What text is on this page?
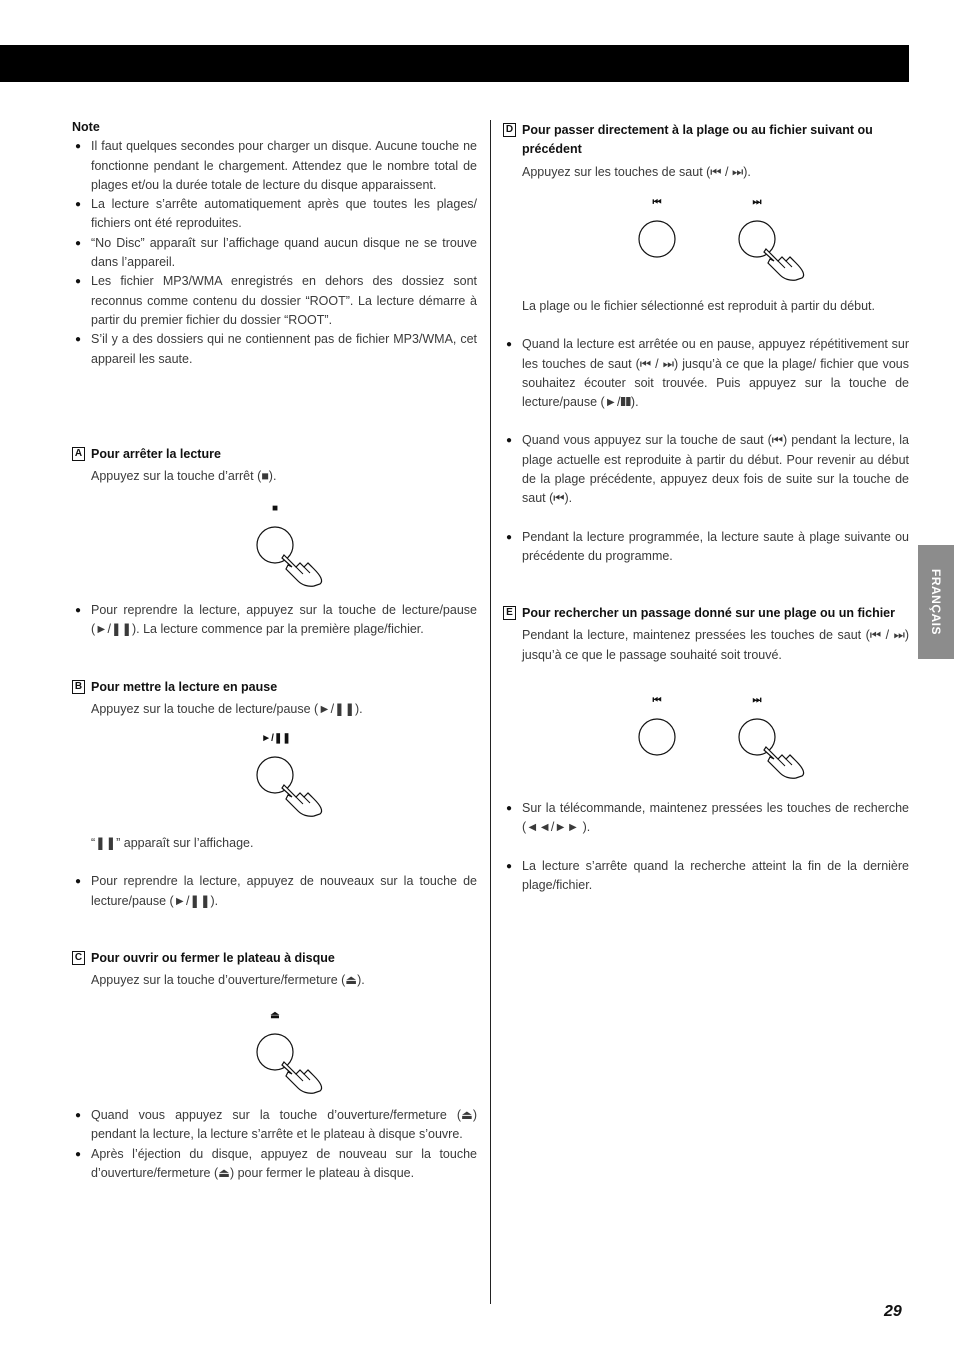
FRANÇAIS
29
Note
● Il faut quelques secondes pour charger un disque. Aucune touche ne fonctionne pendant le chargement. Attendez que le nombre total de plages et/ou la durée totale de lecture du disque apparaissent.
● La lecture s’arrête automatiquement après que toutes les plages/ fichiers ont été reproduites.
● “No Disc” apparaît sur l’affichage quand aucun disque ne se trouve dans l’appareil.
● Les fichier MP3/WMA enregistrés en dehors des dossiez sont reconnus comme contenu du dossier “ROOT”. La lecture démarre à partir du premier fichier du dossier “ROOT”.
● S’il y a des dossiers qui ne contiennent pas de fichier MP3/WMA, cet appareil les saute.
A Pour arrêter la lecture
Appuyez sur la touche d’arrêt (■).
■
● Pour reprendre la lecture, appuyez sur la touche de lecture/pause (►/❚❚). La lecture commence par la première plage/fichier.
B Pour mettre la lecture en pause
Appuyez sur la touche de lecture/pause (►/❚❚).
►/❚❚
“❚❚” apparaît sur l’affichage.
● Pour reprendre la lecture, appuyez de nouveaux sur la touche de lecture/pause (►/❚❚).
C Pour ouvrir ou fermer le plateau à disque
Appuyez sur la touche d’ouverture/fermeture (⏏).
⏏
● Quand vous appuyez sur la touche d’ouverture/fermeture (⏏) pendant la lecture, la lecture s’arrête et le plateau à disque s’ouvre.
● Après l’éjection du disque, appuyez de nouveau sur la touche d’ouverture/fermeture (⏏) pour fermer le plateau à disque.
D Pour passer directement à la plage ou au fichier suivant ou précédent
Appuyez sur les touches de saut (⏮ / ⏭).
⏮	⏭
La plage ou le fichier sélectionné est reproduit à partir du début.
● Quand la lecture est arrêtée ou en pause, appuyez répétitivement sur les touches de saut (⏮ / ⏭) jusqu’à ce que la plage/ fichier que vous souhaitez écouter soit trouvée. Puis appuyez sur la touche de lecture/pause (►/❚❚).
● Quand vous appuyez sur la touche de saut (⏮) pendant la lecture, la plage actuelle est reproduite à partir du début. Pour revenir au début de la plage précédente, appuyez deux fois de suite sur la touche de saut (⏮).
● Pendant la lecture programmée, la lecture saute à plage suivante ou précédente du programme.
E Pour rechercher un passage donné sur une plage ou un fichier
Pendant la lecture, maintenez pressées les touches de saut (⏮ / ⏭) jusqu’à ce que le passage souhaité soit trouvé.
⏮	⏭
● Sur la télécommande, maintenez pressées les touches de recherche (◄◄/►► ).
● La lecture s’arrête quand la recherche atteint la fin de la dernière plage/fichier.
